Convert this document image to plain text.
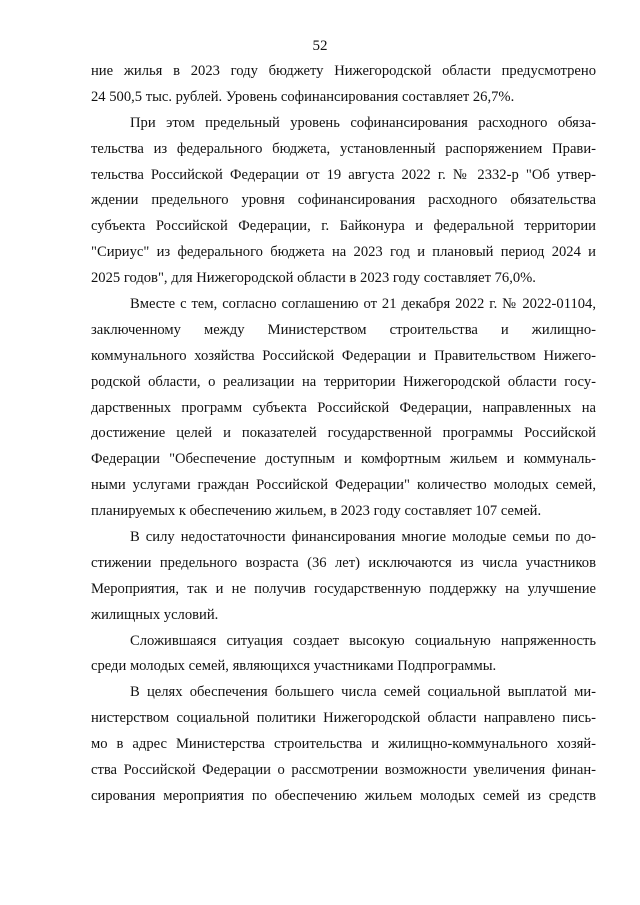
52

ние жилья в 2023 году бюджету Нижегородской области предусмотрено
24 500,5 тыс. рублей. Уровень софинансирования составляет 26,7%.

При этом предельный уровень софинансирования расходного обяза-
тельства из федерального бюджета, установленный распоряжением Прави-
тельства Российской Федерации от 19 августа 2022 г. № 2332-р "Об утвер-
ждении предельного уровня софинансирования расходного обязательства
субъекта Российской Федерации, г. Байконура и федеральной территории
"Сириус" из федерального бюджета на 2023 год и плановый период 2024 и
2025 годов", для Нижегородской области в 2023 году составляет 76,0%.

Вместе с тем, согласно соглашению от 21 декабря 2022 г. № 2022-01104,
заключенному между Министерством строительства и жилищно-
коммунального хозяйства Российской Федерации и Правительством Нижего-
родской области, о реализации на территории Нижегородской области госу-
дарственных программ субъекта Российской Федерации, направленных на
достижение целей и показателей государственной программы Российской
Федерации "Обеспечение доступным и комфортным жильем и коммуналь-
ными услугами граждан Российской Федерации" количество молодых семей,
планируемых к обеспечению жильем, в 2023 году составляет 107 семей.

В силу недостаточности финансирования многие молодые семьи по до-
стижении предельного возраста (36 лет) исключаются из числа участников
Мероприятия, так и не получив государственную поддержку на улучшение
жилищных условий.

Сложившаяся ситуация создает высокую социальную напряженность
среди молодых семей, являющихся участниками Подпрограммы.

В целях обеспечения большего числа семей социальной выплатой ми-
нистерством социальной политики Нижегородской области направлено пись-
мо в адрес Министерства строительства и жилищно-коммунального хозяй-
ства Российской Федерации о рассмотрении возможности увеличения финан-
сирования мероприятия по обеспечению жильем молодых семей из средств
